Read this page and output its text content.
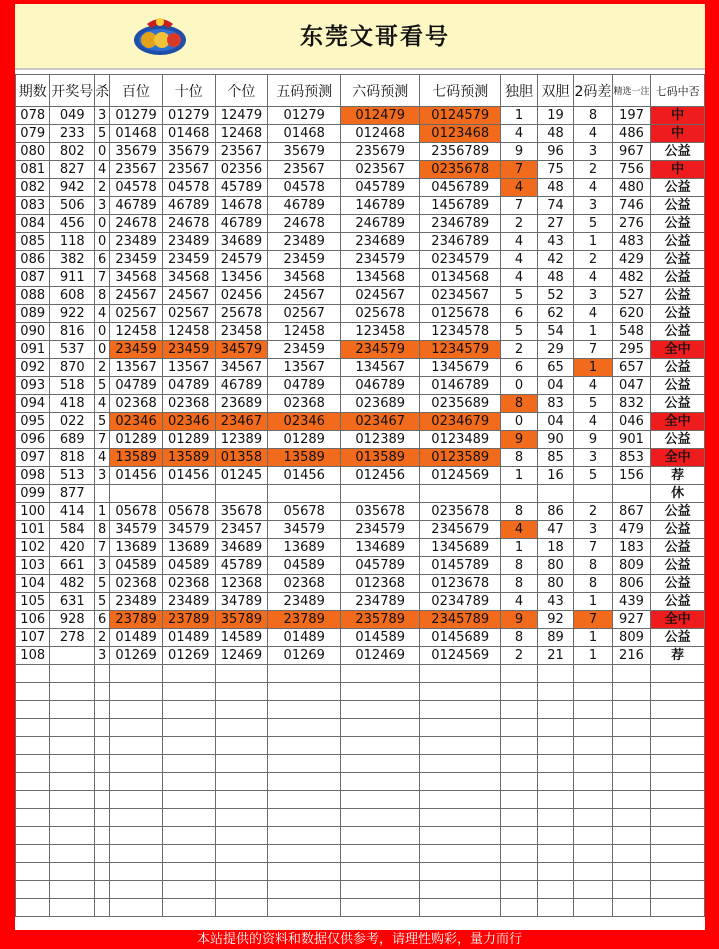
东莞文哥看号
期数	开奖号	杀	百位	十位	个位	五码预测	六码预测	七码预测	独胆	双胆	2码差	精选一注	七码中否
078	049	3	01279	01279	12479	01279	012479	0124579	1	19	8	197	中
079	233	5	01468	01468	12468	01468	012468	0123468	4	48	4	486	中
080	802	0	35679	35679	23567	35679	235679	2356789	9	96	3	967	公益
081	827	4	23567	23567	02356	23567	023567	0235678	7	75	2	756	中
082	942	2	04578	04578	45789	04578	045789	0456789	4	48	4	480	公益
083	506	3	46789	46789	14678	46789	146789	1456789	7	74	3	746	公益
084	456	0	24678	24678	46789	24678	246789	2346789	2	27	5	276	公益
085	118	0	23489	23489	34689	23489	234689	2346789	4	43	1	483	公益
086	382	6	23459	23459	24579	23459	234579	0234579	4	42	2	429	公益
087	911	7	34568	34568	13456	34568	134568	0134568	4	48	4	482	公益
088	608	8	24567	24567	02456	24567	024567	0234567	5	52	3	527	公益
089	922	4	02567	02567	25678	02567	025678	0125678	6	62	4	620	公益
090	816	0	12458	12458	23458	12458	123458	1234578	5	54	1	548	公益
091	537	0	23459	23459	34579	23459	234579	1234579	2	29	7	295	全中
092	870	2	13567	13567	34567	13567	134567	1345679	6	65	1	657	公益
093	518	5	04789	04789	46789	04789	046789	0146789	0	04	4	047	公益
094	418	4	02368	02368	23689	02368	023689	0235689	8	83	5	832	公益
095	022	5	02346	02346	23467	02346	023467	0234679	0	04	4	046	全中
096	689	7	01289	01289	12389	01289	012389	0123489	9	90	9	901	公益
097	818	4	13589	13589	01358	13589	013589	0123589	8	85	3	853	全中
098	513	3	01456	01456	01245	01456	012456	0124569	1	16	5	156	荐
099	877												休
100	414	1	05678	05678	35678	05678	035678	0235678	8	86	2	867	公益
101	584	8	34579	34579	23457	34579	234579	2345679	4	47	3	479	公益
102	420	7	13689	13689	34689	13689	134689	1345689	1	18	7	183	公益
103	661	3	04589	04589	45789	04589	045789	0145789	8	80	8	809	公益
104	482	5	02368	02368	12368	02368	012368	0123678	8	80	8	806	公益
105	631	5	23489	23489	34789	23489	234789	0234789	4	43	1	439	公益
106	928	6	23789	23789	35789	23789	235789	2345789	9	92	7	927	全中
107	278	2	01489	01489	14589	01489	014589	0145689	8	89	1	809	公益
108		3	01269	01269	12469	01269	012469	0124569	2	21	1	216	荐

本站提供的资料和数据仅供参考，请理性购彩，量力而行
